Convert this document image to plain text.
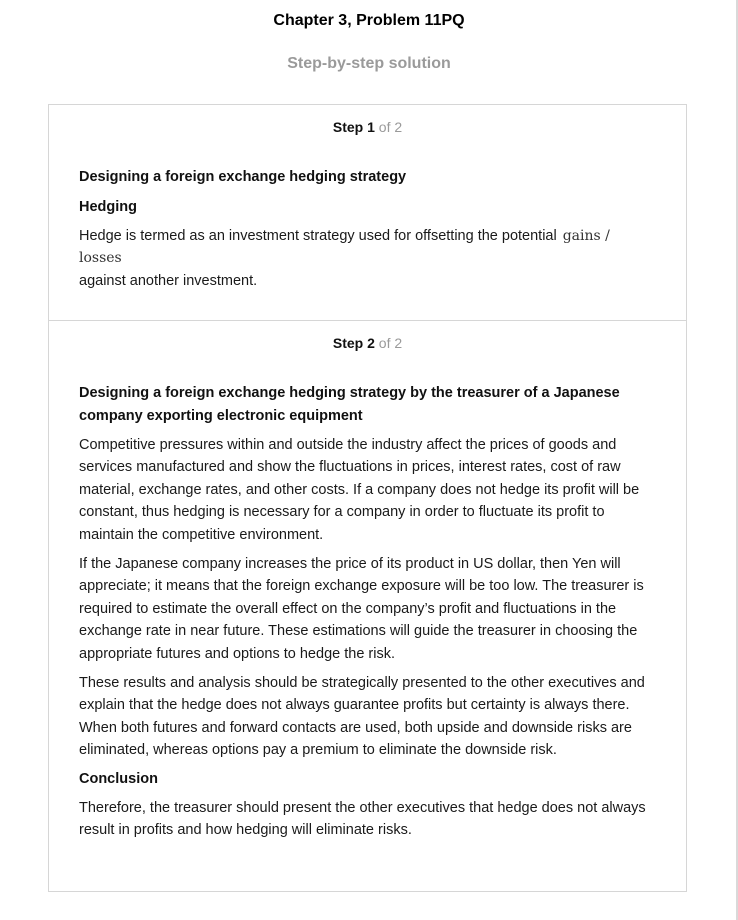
Chapter 3, Problem 11PQ
Step-by-step solution
Step 1 of 2

Designing a foreign exchange hedging strategy

Hedging

Hedge is termed as an investment strategy used for offsetting the potential gains / losses
against another investment.

Step 2 of 2

Designing a foreign exchange hedging strategy by the treasurer of a Japanese company exporting electronic equipment

Competitive pressures within and outside the industry affect the prices of goods and services manufactured and show the fluctuations in prices, interest rates, cost of raw material, exchange rates, and other costs. If a company does not hedge its profit will be constant, thus hedging is necessary for a company in order to fluctuate its profit to maintain the competitive environment.

If the Japanese company increases the price of its product in US dollar, then Yen will appreciate; it means that the foreign exchange exposure will be too low. The treasurer is required to estimate the overall effect on the company’s profit and fluctuations in the exchange rate in near future. These estimations will guide the treasurer in choosing the appropriate futures and options to hedge the risk.

These results and analysis should be strategically presented to the other executives and explain that the hedge does not always guarantee profits but certainty is always there. When both futures and forward contacts are used, both upside and downside risks are eliminated, whereas options pay a premium to eliminate the downside risk.

Conclusion

Therefore, the treasurer should present the other executives that hedge does not always result in profits and how hedging will eliminate risks.
